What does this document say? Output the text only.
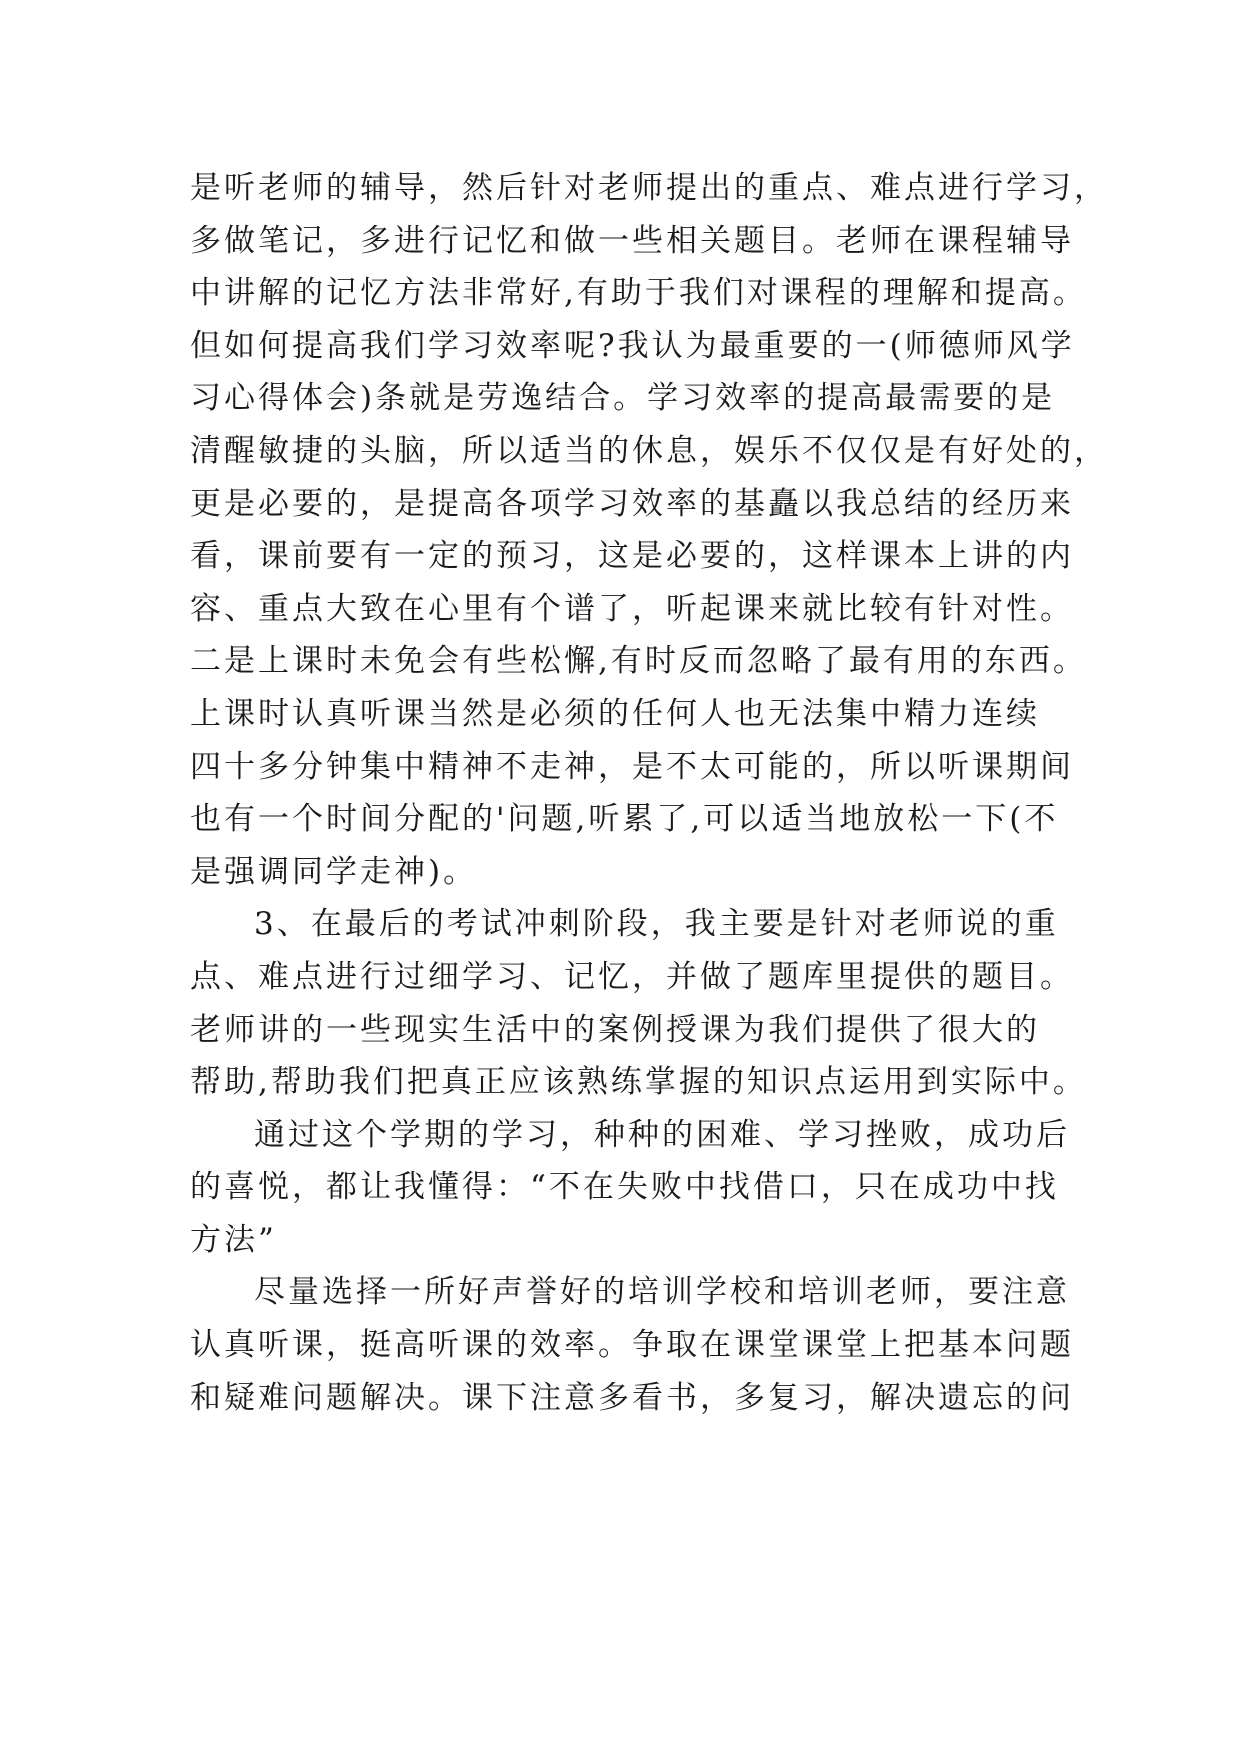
是听老师的辅导，然后针对老师提出的重点、难点进行学习，
多做笔记，多进行记忆和做一些相关题目。老师在课程辅导
中讲解的记忆方法非常好,有助于我们对课程的理解和提高。
但如何提高我们学习效率呢?我认为最重要的一(师德师风学
习心得体会)条就是劳逸结合。学习效率的提高最需要的是
清醒敏捷的头脑，所以适当的休息，娱乐不仅仅是有好处的，
更是必要的，是提高各项学习效率的基矗以我总结的经历来
看，课前要有一定的预习，这是必要的，这样课本上讲的内
容、重点大致在心里有个谱了，听起课来就比较有针对性。
二是上课时未免会有些松懈,有时反而忽略了最有用的东西。
上课时认真听课当然是必须的任何人也无法集中精力连续
四十多分钟集中精神不走神，是不太可能的，所以听课期间
也有一个时间分配的'问题,听累了,可以适当地放松一下(不
是强调同学走神)。
3、在最后的考试冲刺阶段，我主要是针对老师说的重
点、难点进行过细学习、记忆，并做了题库里提供的题目。
老师讲的一些现实生活中的案例授课为我们提供了很大的
帮助,帮助我们把真正应该熟练掌握的知识点运用到实际中。
通过这个学期的学习，种种的困难、学习挫败，成功后
的喜悦，都让我懂得：“不在失败中找借口，只在成功中找
方法”
尽量选择一所好声誉好的培训学校和培训老师，要注意
认真听课，挺高听课的效率。争取在课堂课堂上把基本问题
和疑难问题解决。课下注意多看书，多复习，解决遗忘的问
